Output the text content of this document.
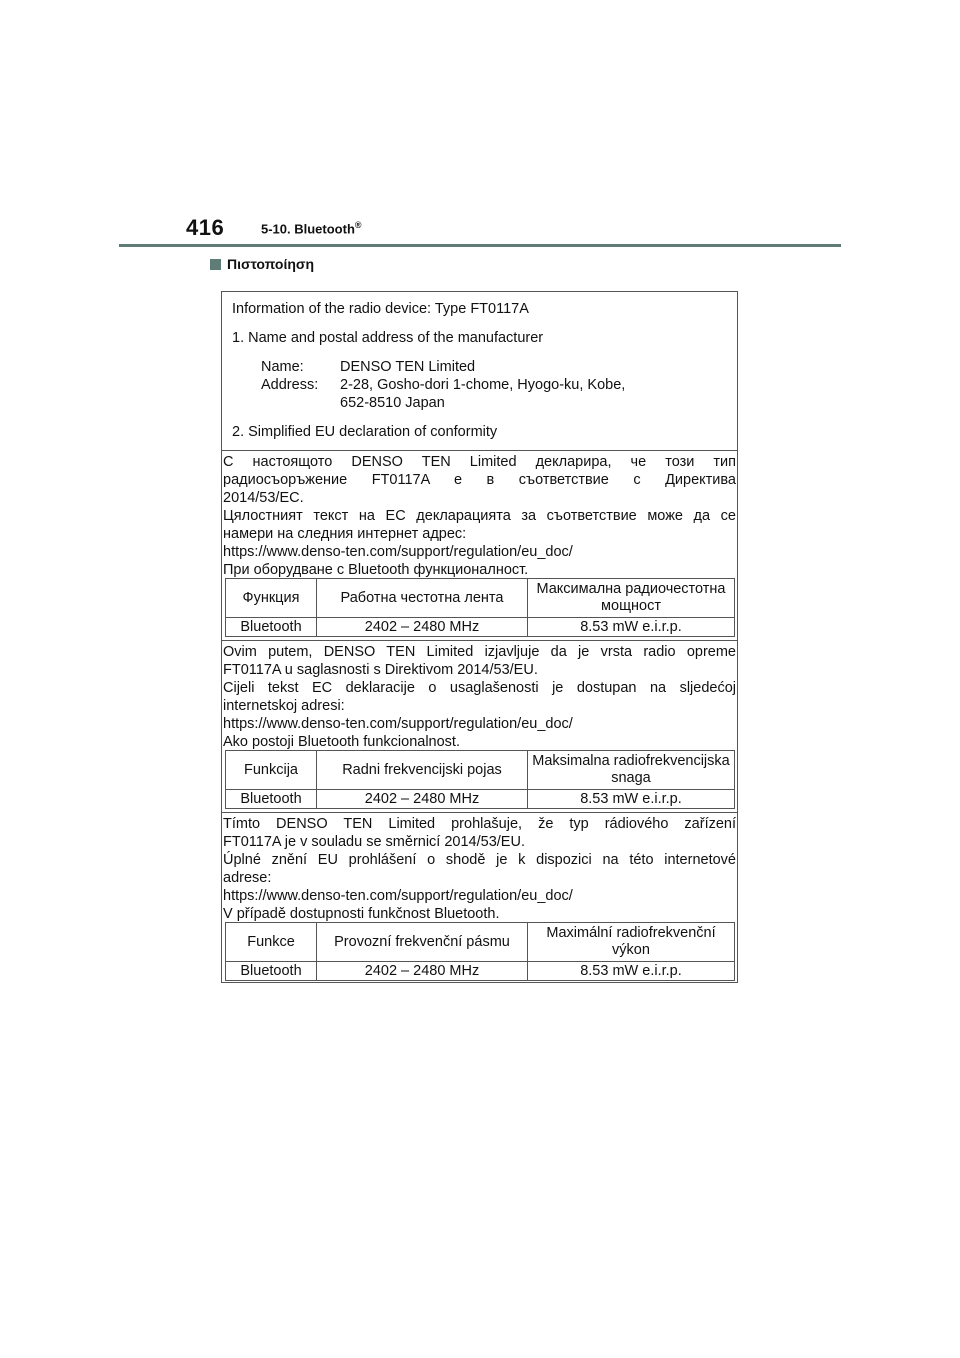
416	5-10. Bluetooth®
Πιστοποίηση
Information of the radio device: Type FT0117A
1. Name and postal address of the manufacturer
Name:	DENSO TEN Limited
Address: 2-28, Gosho-dori 1-chome, Hyogo-ku, Kobe,
652-8510 Japan
2. Simplified EU declaration of conformity
С настоящото DENSO TEN Limited декларира, че този тип
радиосъоръжение FT0117A е в съответствие с Директива
2014/53/ЕС.
Цялостният текст на ЕС декларацията за съответствие може да се
намери на следния интернет адрес:
https://www.denso-ten.com/support/regulation/eu_doc/
При оборудване с Bluetooth функционалност.
Функция	Работна честотна лента	Максимална радиочестотна мощност
Bluetooth	2402 – 2480 MHz	8.53 mW e.i.r.p.
Ovim putem, DENSO TEN Limited izjavljuje da je vrsta radio opreme
FT0117A u saglasnosti s Direktivom 2014/53/EU.
Cijeli tekst EC deklaracije o usaglašenosti je dostupan na sljedećoj
internetskoj adresi:
https://www.denso-ten.com/support/regulation/eu_doc/
Ako postoji Bluetooth funkcionalnost.
Funkcija	Radni frekvencijski pojas	Maksimalna radiofrekvencijska snaga
Bluetooth	2402 – 2480 MHz	8.53 mW e.i.r.p.
Tímto DENSO TEN Limited prohlašuje, že typ rádiového zařízení
FT0117A je v souladu se směrnicí 2014/53/EU.
Úplné znění EU prohlášení o shodě je k dispozici na této internetové
adrese:
https://www.denso-ten.com/support/regulation/eu_doc/
V případě dostupnosti funkčnost Bluetooth.
Funkce	Provozní frekvenční pásmu	Maximální radiofrekvenční výkon
Bluetooth	2402 – 2480 MHz	8.53 mW e.i.r.p.
